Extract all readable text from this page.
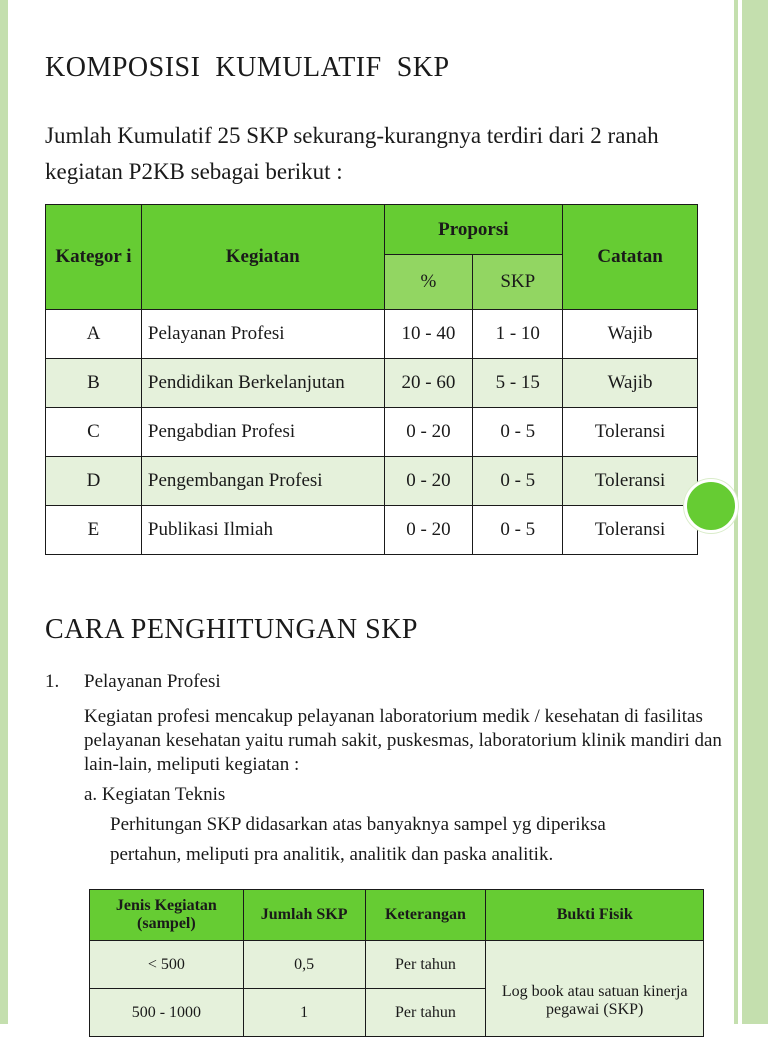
KOMPOSISI  KUMULATIF  SKP
Jumlah Kumulatif 25 SKP sekurang-kurangnya terdiri dari 2 ranah kegiatan P2KB sebagai berikut :
Kategor i	Kegiatan	Proporsi		Catatan
		%	SKP	
A	Pelayanan Profesi	10 - 40	1 - 10	Wajib
B	Pendidikan Berkelanjutan	20 - 60	5 - 15	Wajib
C	Pengabdian Profesi	0 - 20	0 - 5	Toleransi
D	Pengembangan Profesi	0 - 20	0 - 5	Toleransi
E	Publikasi Ilmiah	0 - 20	0 - 5	Toleransi
CARA PENGHITUNGAN SKP
1. Pelayanan Profesi
Kegiatan profesi mencakup pelayanan laboratorium medik / kesehatan di fasilitas pelayanan kesehatan yaitu rumah sakit, puskesmas, laboratorium klinik mandiri dan lain-lain, meliputi kegiatan :
a. Kegiatan Teknis
Perhitungan SKP didasarkan atas banyaknya sampel yg diperiksa
pertahun, meliputi pra analitik, analitik dan paska analitik.
Jenis Kegiatan (sampel)	Jumlah SKP	Keterangan	Bukti Fisik
< 500	0,5	Per tahun	Log book atau satuan kinerja pegawai (SKP)
500 - 1000	1	Per tahun	
